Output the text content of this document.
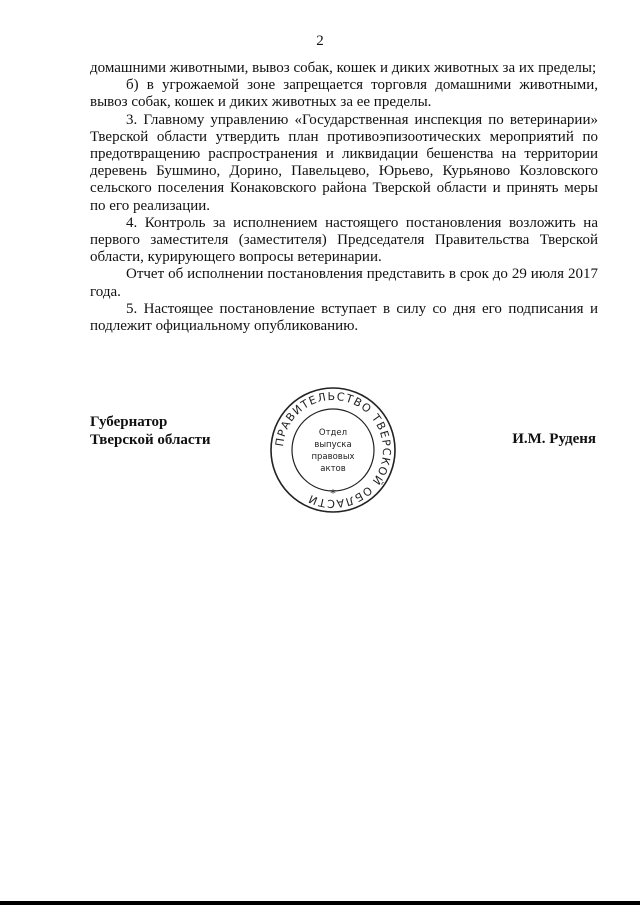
2

домашними животными, вывоз собак, кошек и диких животных за их пределы;

б) в угрожаемой зоне запрещается торговля домашними животными, вывоз собак, кошек и диких животных за ее пределы.

3. Главному управлению «Государственная инспекция по ветеринарии» Тверской области утвердить план противоэпизоотических мероприятий по предотвращению распространения и ликвидации бешенства на территории деревень Бушмино, Дорино, Павельцево, Юрьево, Курьяново Козловского сельского поселения Конаковского района Тверской области и принять меры по его реализации.

4. Контроль за исполнением настоящего постановления возложить на первого заместителя (заместителя) Председателя Правительства Тверской области, курирующего вопросы ветеринарии.

Отчет об исполнении постановления представить в срок до 29 июля 2017 года.

5. Настоящее постановление вступает в силу со дня его подписания и подлежит официальному опубликованию.

Губернатор
Тверской области	ПРАВИТЕЛЬСТВО ТВЕРСКОЙ ОБЛАСТИ
Отдел
выпуска
правовых
актов
*
И.М. Руденя
